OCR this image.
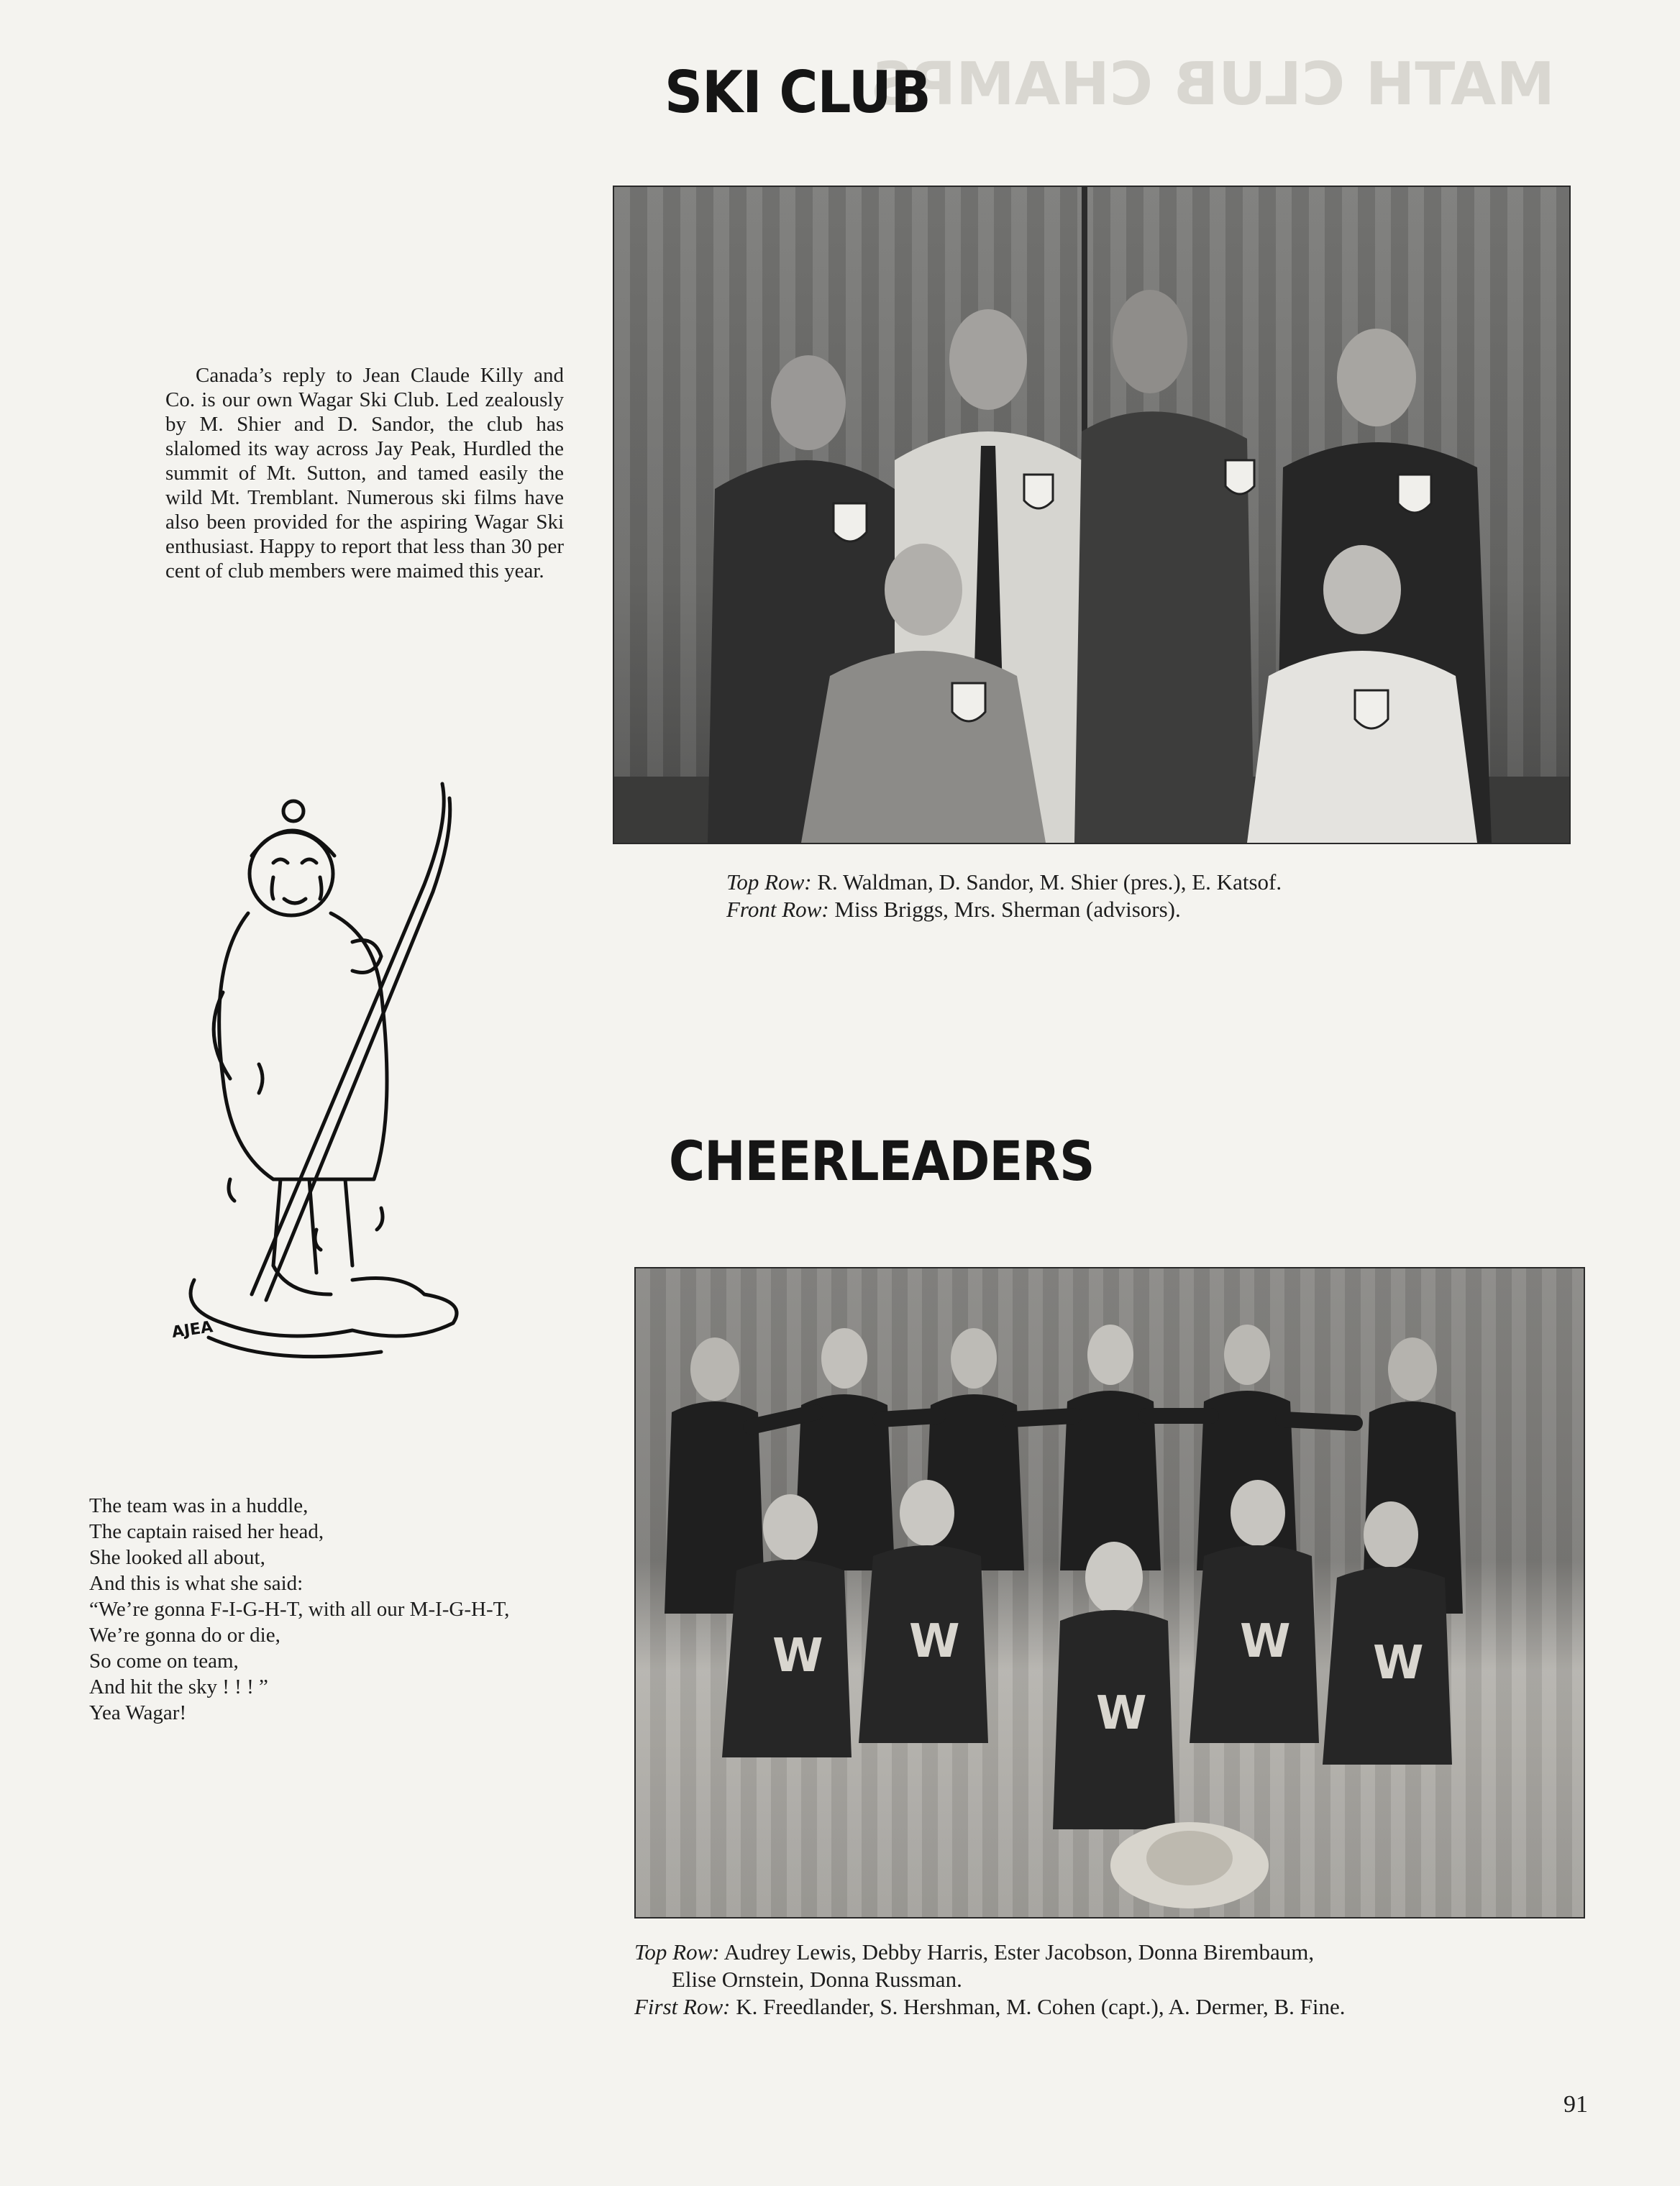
MATH CLUB CHAMPS
SKI CLUB

Canada’s reply to Jean Claude Killy and Co. is our own Wagar Ski Club. Led zealously by M. Shier and D. Sandor, the club has slalomed its way across Jay Peak, Hurdled the summit of Mt. Sutton, and tamed easily the wild Mt. Tremblant. Numerous ski films have also been provided for the aspiring Wagar Ski enthusiast. Happy to report that less than 30 per cent of club members were maimed this year.

Top Row: R. Waldman, D. Sandor, M. Shier (pres.), E. Katsof.
Front Row: Miss Briggs, Mrs. Sherman (advisors).
AJEA
CHEERLEADERS
The team was in a huddle,
The captain raised her head,
She looked all about,
And this is what she said:
“We’re gonna F-I-G-H-T, with all our M-I-G-H-T,
We’re gonna do or die,
So come on team,
And hit the sky ! ! ! ”
Yea Wagar!
W W
W
W W
Top Row: Audrey Lewis, Debby Harris, Ester Jacobson, Donna Birembaum,
Elise Ornstein, Donna Russman.
First Row: K. Freedlander, S. Hershman, M. Cohen (capt.), A. Dermer, B. Fine.
91
